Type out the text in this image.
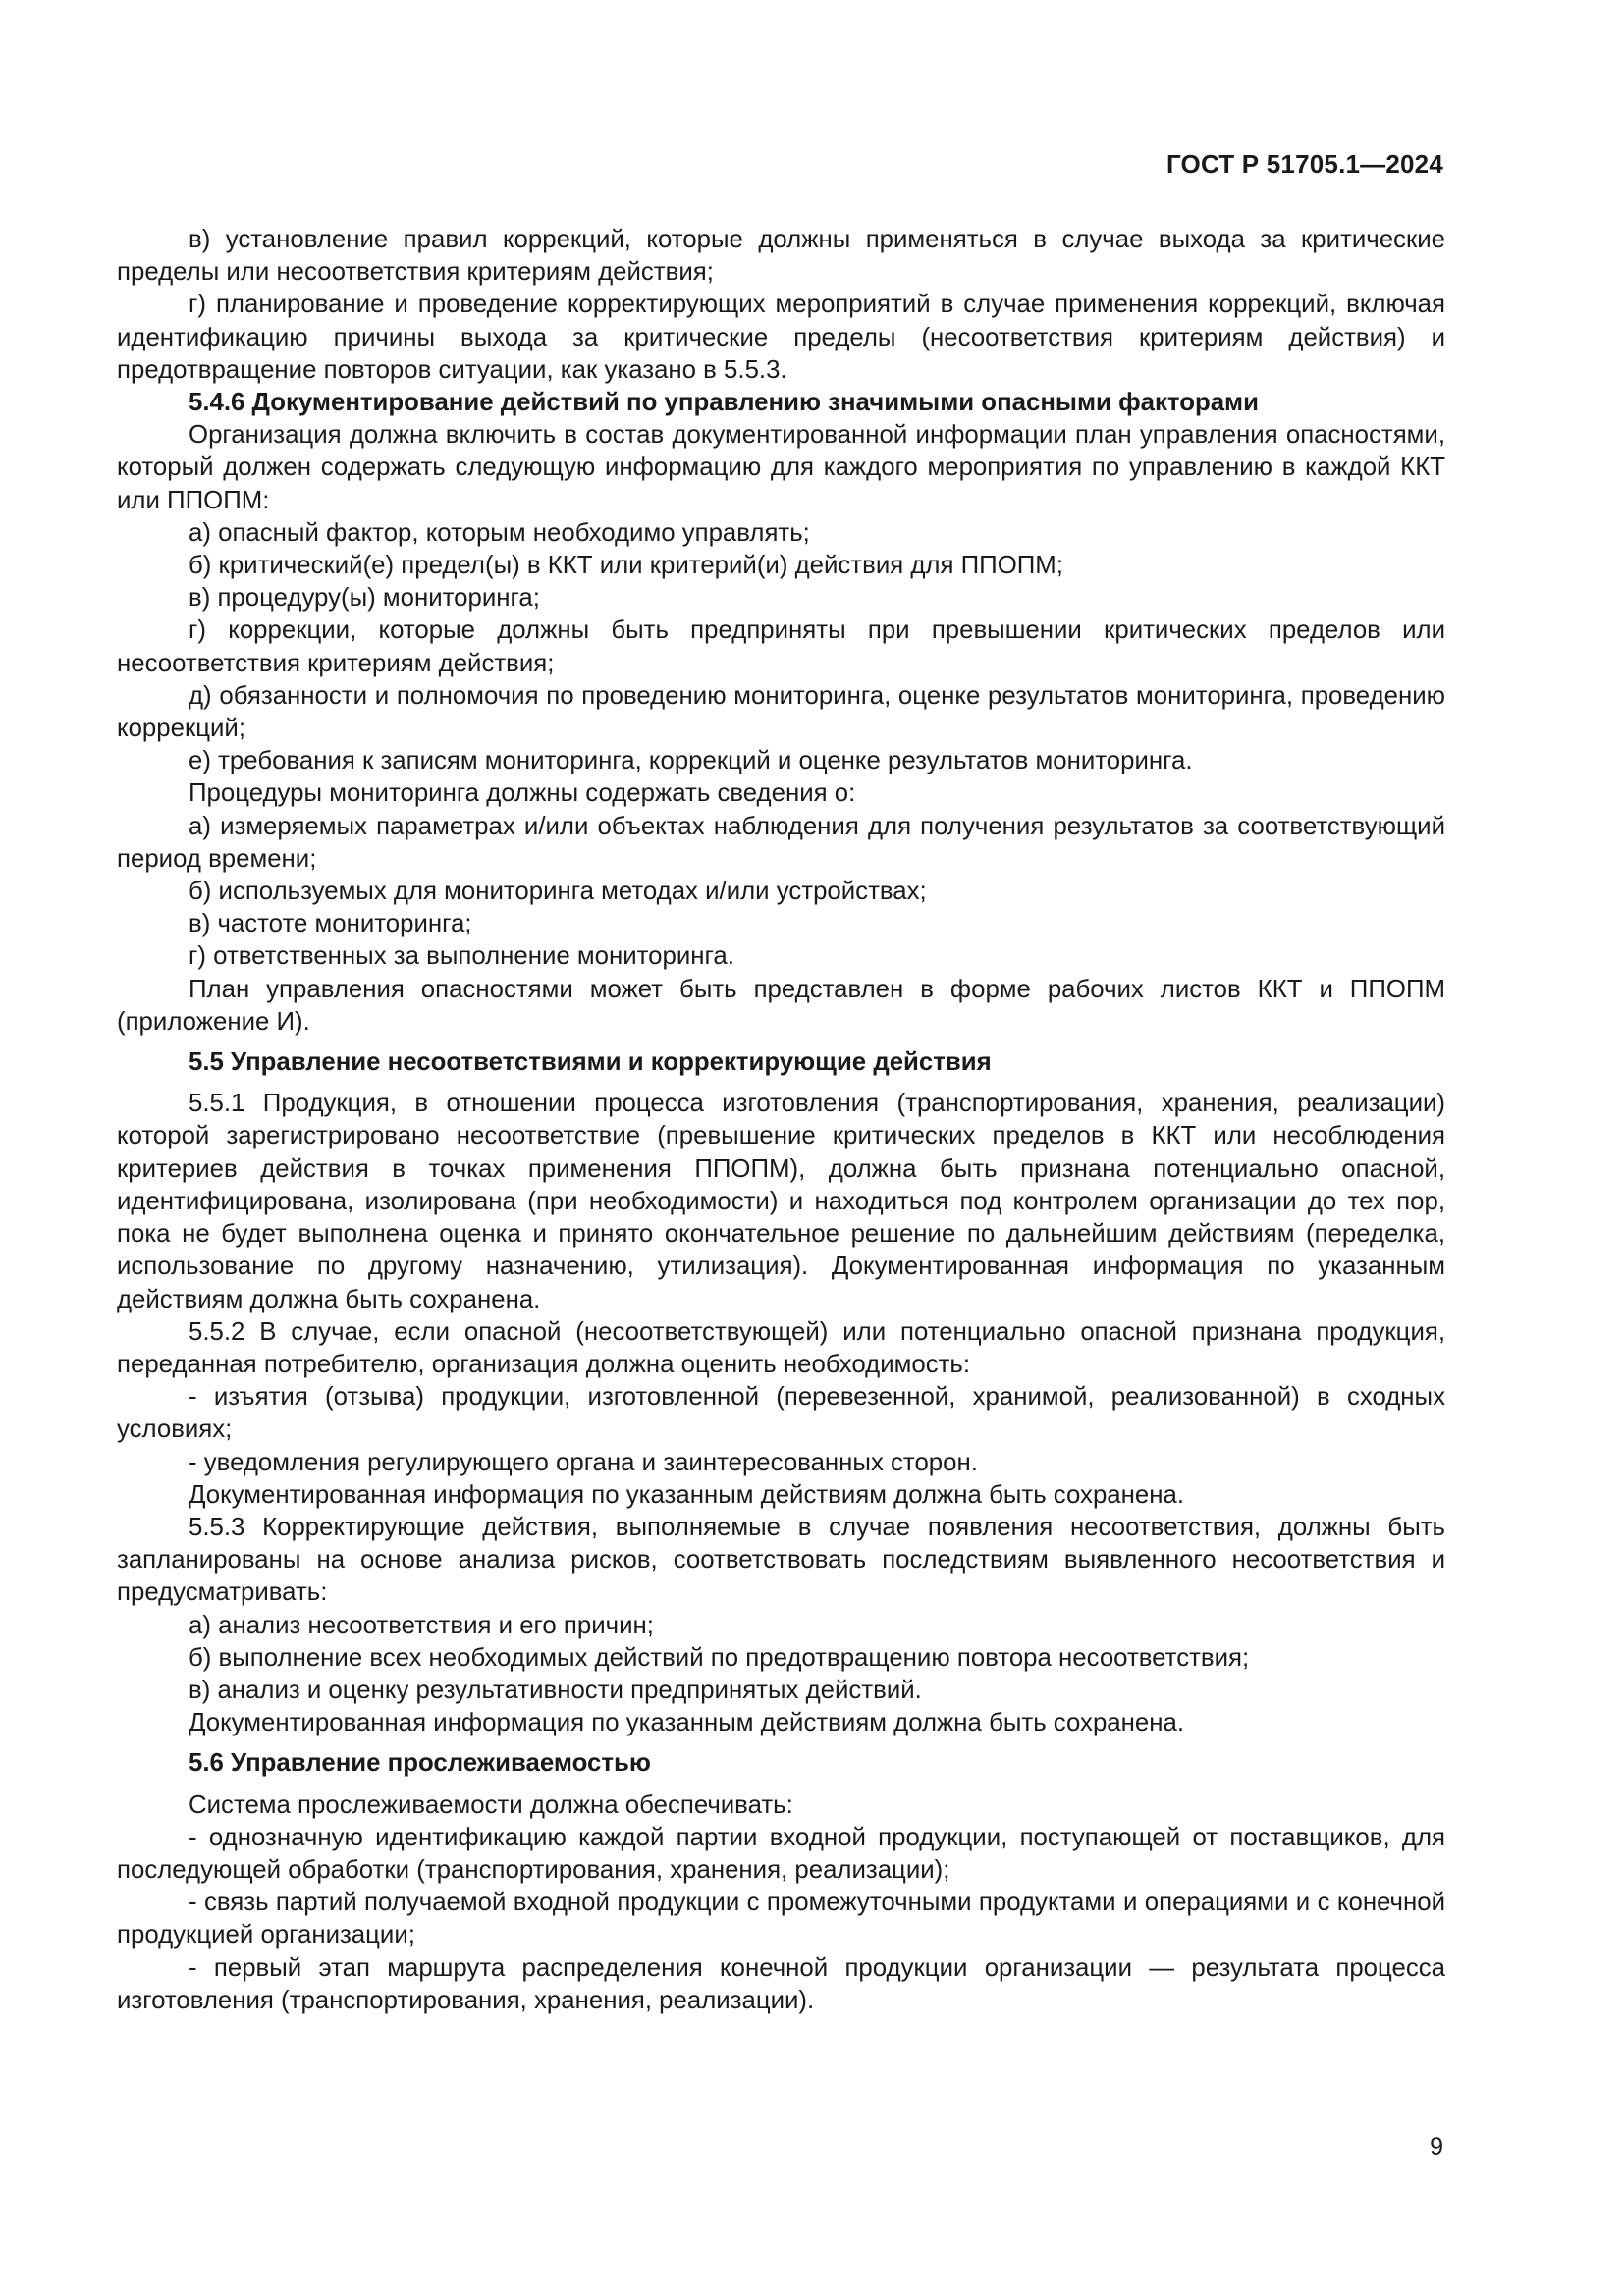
ГОСТ Р 51705.1—2024

в) установление правил коррекций, которые должны применяться в случае выхода за критические пределы или несоответствия критериям действия;

г) планирование и проведение корректирующих мероприятий в случае применения коррекций, включая идентификацию причины выхода за критические пределы (несоответствия критериям действия) и предотвращение повторов ситуации, как указано в 5.5.3.

5.4.6 Документирование действий по управлению значимыми опасными факторами

Организация должна включить в состав документированной информации план управления опасностями, который должен содержать следующую информацию для каждого мероприятия по управлению в каждой ККТ или ППОПМ:

а) опасный фактор, которым необходимо управлять;

б) критический(е) предел(ы) в ККТ или критерий(и) действия для ППОПМ;

в) процедуру(ы) мониторинга;

г) коррекции, которые должны быть предприняты при превышении критических пределов или несоответствия критериям действия;

д) обязанности и полномочия по проведению мониторинга, оценке результатов мониторинга, проведению коррекций;

е) требования к записям мониторинга, коррекций и оценке результатов мониторинга.

Процедуры мониторинга должны содержать сведения о:

а) измеряемых параметрах и/или объектах наблюдения для получения результатов за соответствующий период времени;

б) используемых для мониторинга методах и/или устройствах;

в) частоте мониторинга;

г) ответственных за выполнение мониторинга.

План управления опасностями может быть представлен в форме рабочих листов ККТ и ППОПМ (приложение И).

5.5 Управление несоответствиями и корректирующие действия

5.5.1 Продукция, в отношении процесса изготовления (транспортирования, хранения, реализации) которой зарегистрировано несоответствие (превышение критических пределов в ККТ или несоблюдения критериев действия в точках применения ППОПМ), должна быть признана потенциально опасной, идентифицирована, изолирована (при необходимости) и находиться под контролем организации до тех пор, пока не будет выполнена оценка и принято окончательное решение по дальнейшим действиям (переделка, использование по другому назначению, утилизация). Документированная информация по указанным действиям должна быть сохранена.

5.5.2 В случае, если опасной (несоответствующей) или потенциально опасной признана продукция, переданная потребителю, организация должна оценить необходимость:

- изъятия (отзыва) продукции, изготовленной (перевезенной, хранимой, реализованной) в сходных условиях;

- уведомления регулирующего органа и заинтересованных сторон.

Документированная информация по указанным действиям должна быть сохранена.

5.5.3 Корректирующие действия, выполняемые в случае появления несоответствия, должны быть запланированы на основе анализа рисков, соответствовать последствиям выявленного несоответствия и предусматривать:

а) анализ несоответствия и его причин;

б) выполнение всех необходимых действий по предотвращению повтора несоответствия;

в) анализ и оценку результативности предпринятых действий.

Документированная информация по указанным действиям должна быть сохранена.

5.6 Управление прослеживаемостью

Система прослеживаемости должна обеспечивать:

- однозначную идентификацию каждой партии входной продукции, поступающей от поставщиков, для последующей обработки (транспортирования, хранения, реализации);

- связь партий получаемой входной продукции с промежуточными продуктами и операциями и с конечной продукцией организации;

- первый этап маршрута распределения конечной продукции организации — результата процесса изготовления (транспортирования, хранения, реализации).

9
